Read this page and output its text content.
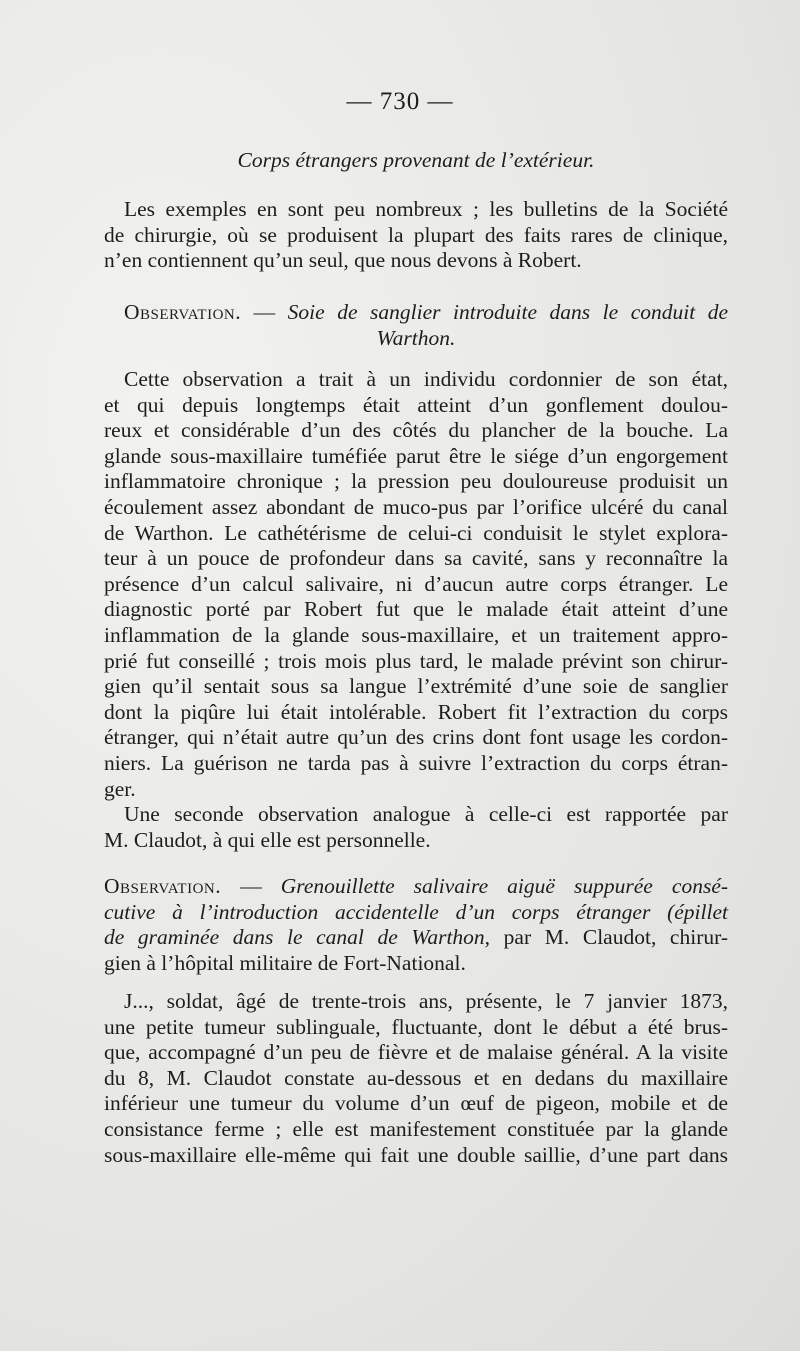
— 730 —
Corps étrangers provenant de l’extérieur.
Les exemples en sont peu nombreux ; les bulletins de la Société
de chirurgie, où se produisent la plupart des faits rares de clinique,
n’en contiennent qu’un seul, que nous devons à Robert.
Observation. — Soie de sanglier introduite dans le conduit de
Warthon.
Cette observation a trait à un individu cordonnier de son état,
et qui depuis longtemps était atteint d’un gonflement doulou-
reux et considérable d’un des côtés du plancher de la bouche. La
glande sous-maxillaire tuméfiée parut être le siége d’un engorgement
inflammatoire chronique ; la pression peu douloureuse produisit un
écoulement assez abondant de muco-pus par l’orifice ulcéré du canal
de Warthon. Le cathétérisme de celui-ci conduisit le stylet explora-
teur à un pouce de profondeur dans sa cavité, sans y reconnaître la
présence d’un calcul salivaire, ni d’aucun autre corps étranger. Le
diagnostic porté par Robert fut que le malade était atteint d’une
inflammation de la glande sous-maxillaire, et un traitement appro-
prié fut conseillé ; trois mois plus tard, le malade prévint son chirur-
gien qu’il sentait sous sa langue l’extrémité d’une soie de sanglier
dont la piqûre lui était intolérable. Robert fit l’extraction du corps
étranger, qui n’était autre qu’un des crins dont font usage les cordon-
niers. La guérison ne tarda pas à suivre l’extraction du corps étran-
ger.
Une seconde observation analogue à celle-ci est rapportée par
M. Claudot, à qui elle est personnelle.
Observation. — Grenouillette salivaire aiguë suppurée consé-
cutive à l’introduction accidentelle d’un corps étranger (épillet
de graminée dans le canal de Warthon, par M. Claudot, chirur-
gien à l’hôpital militaire de Fort-National.
J..., soldat, âgé de trente-trois ans, présente, le 7 janvier 1873,
une petite tumeur sublinguale, fluctuante, dont le début a été brus-
que, accompagné d’un peu de fièvre et de malaise général. A la visite
du 8, M. Claudot constate au-dessous et en dedans du maxillaire
inférieur une tumeur du volume d’un œuf de pigeon, mobile et de
consistance ferme ; elle est manifestement constituée par la glande
sous-maxillaire elle-même qui fait une double saillie, d’une part dans
